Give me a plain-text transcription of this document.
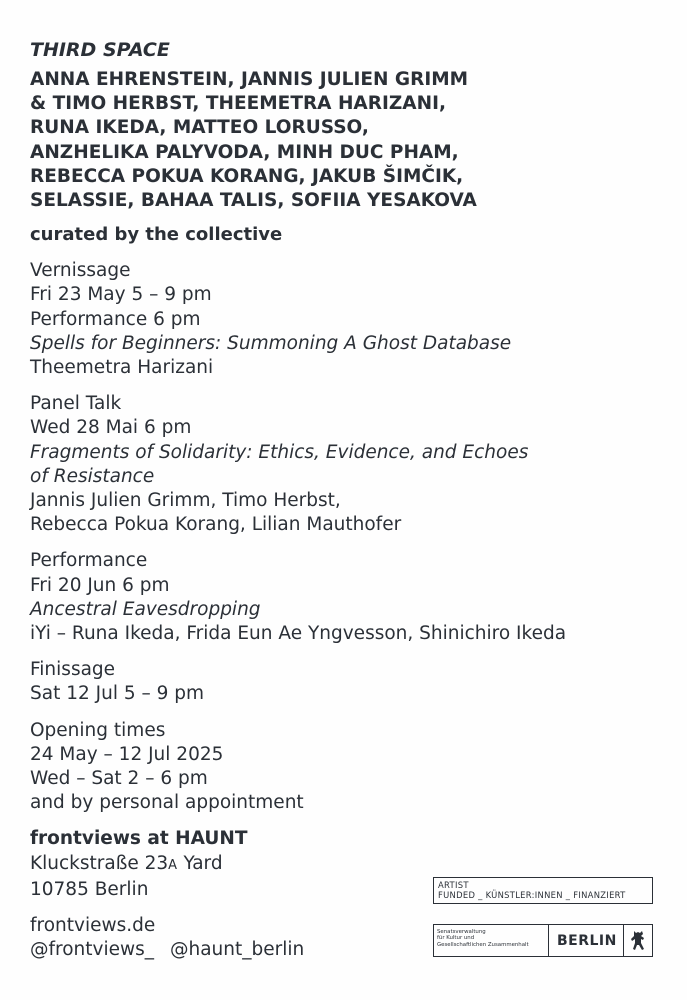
THIRD SPACE
ANNA EHRENSTEIN, JANNIS JULIEN GRIMM
& TIMO HERBST, THEEMETRA HARIZANI,
RUNA IKEDA, MATTEO LORUSSO,
ANZHELIKA PALYVODA, MINH DUC PHAM,
REBECCA POKUA KORANG, JAKUB ŠIMČIK,
SELASSIE, BAHAA TALIS, SOFIIA YESAKOVA
curated by the collective
Vernissage
Fri 23 May 5 – 9 pm
Performance 6 pm
Spells for Beginners: Summoning A Ghost Database
Theemetra Harizani
Panel Talk
Wed 28 Mai 6 pm
Fragments of Solidarity: Ethics, Evidence, and Echoes
of Resistance
Jannis Julien Grimm, Timo Herbst,
Rebecca Pokua Korang, Lilian Mauthofer
Performance
Fri 20 Jun 6 pm
Ancestral Eavesdropping
iYi – Runa Ikeda, Frida Eun Ae Yngvesson, Shinichiro Ikeda
Finissage
Sat 12 Jul 5 – 9 pm
Opening times
24 May – 12 Jul 2025
Wed – Sat 2 – 6 pm
and by personal appointment
frontviews at HAUNT
Kluckstraße 23A Yard
10785 Berlin
frontviews.de
@frontviews_ @haunt_berlin
ARTIST
FUNDED _ KÜNSTLER:INNEN _ FINANZIERT
Senatsverwaltung
für Kultur und
Gesellschaftlichen Zusammenhalt	BERLIN
